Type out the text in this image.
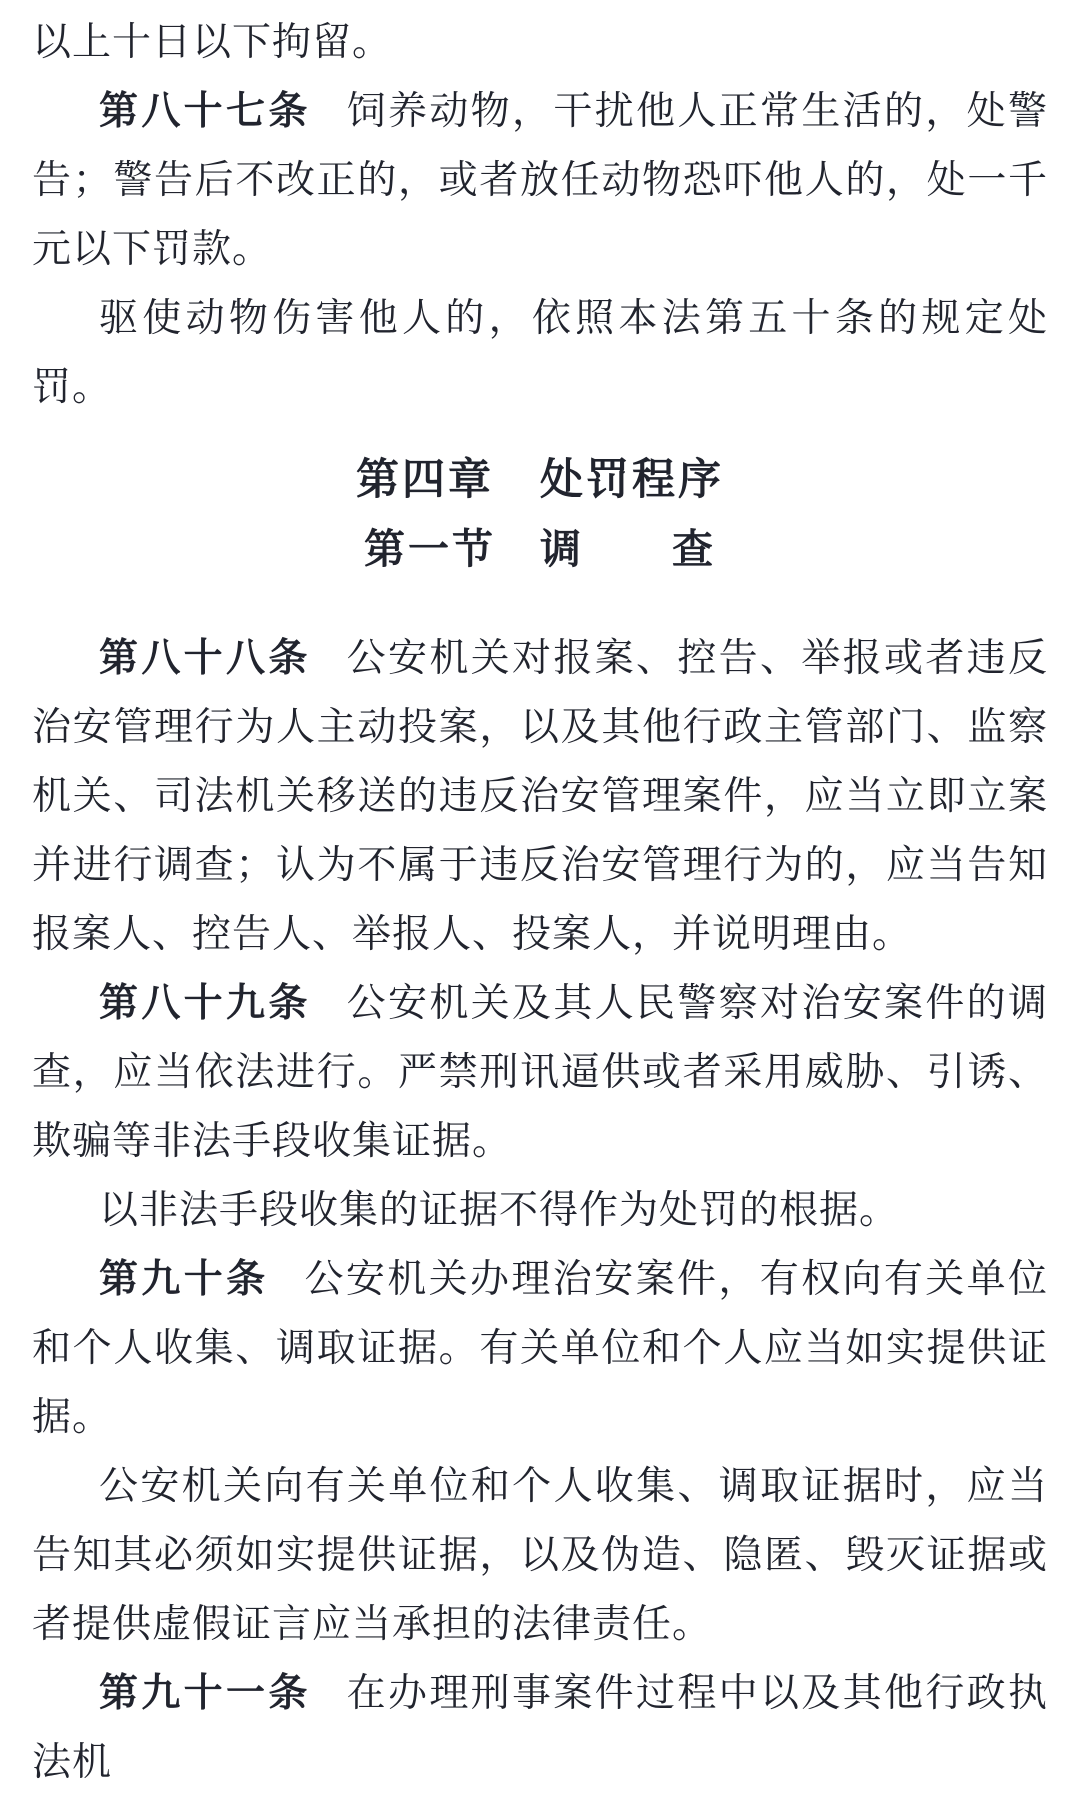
以上十日以下拘留。

第八十七条 饲养动物，干扰他人正常生活的，处警告；警告后不改正的，或者放任动物恐吓他人的，处一千元以下罚款。

驱使动物伤害他人的，依照本法第五十条的规定处罚。

第四章　处罚程序

第一节　调　　查

第八十八条 公安机关对报案、控告、举报或者违反治安管理行为人主动投案，以及其他行政主管部门、监察机关、司法机关移送的违反治安管理案件，应当立即立案并进行调查；认为不属于违反治安管理行为的，应当告知报案人、控告人、举报人、投案人，并说明理由。

第八十九条 公安机关及其人民警察对治安案件的调查，应当依法进行。严禁刑讯逼供或者采用威胁、引诱、欺骗等非法手段收集证据。

以非法手段收集的证据不得作为处罚的根据。

第九十条 公安机关办理治安案件，有权向有关单位和个人收集、调取证据。有关单位和个人应当如实提供证据。

公安机关向有关单位和个人收集、调取证据时，应当告知其必须如实提供证据，以及伪造、隐匿、毁灭证据或者提供虚假证言应当承担的法律责任。

第九十一条 在办理刑事案件过程中以及其他行政执法机
